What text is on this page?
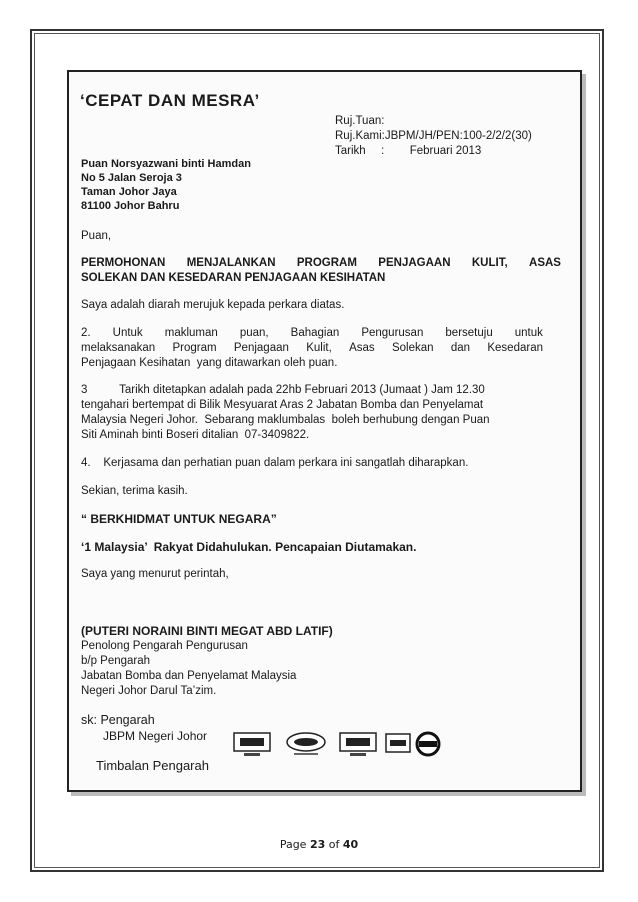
‘CEPAT DAN MESRA’
Ruj.Tuan:
Ruj.Kami:JBPM/JH/PEN:100-2/2/2(30)
Tarikh : Februari 2013
Puan Norsyazwani binti Hamdan
No 5 Jalan Seroja 3
Taman Johor Jaya
81100 Johor Bahru
Puan,
PERMOHONAN MENJALANKAN PROGRAM PENJAGAAN KULIT, ASAS
SOLEKAN DAN KESEDARAN PENJAGAAN KESIHATAN
Saya adalah diarah merujuk kepada perkara diatas.
2. Untuk makluman puan, Bahagian Pengurusan bersetuju untuk
melaksanakan Program Penjagaan Kulit, Asas Solekan dan Kesedaran
Penjagaan Kesihatan  yang ditawarkan oleh puan.
3          Tarikh ditetapkan adalah pada 22hb Februari 2013 (Jumaat ) Jam 12.30
tengahari bertempat di Bilik Mesyuarat Aras 2 Jabatan Bomba dan Penyelamat
Malaysia Negeri Johor.  Sebarang maklumbalas  boleh berhubung dengan Puan
Siti Aminah binti Boseri ditalian  07-3409822.
4.    Kerjasama dan perhatian puan dalam perkara ini sangatlah diharapkan.
Sekian, terima kasih.
“ BERKHIDMAT UNTUK NEGARA”
‘1 Malaysia’  Rakyat Didahulukan. Pencapaian Diutamakan.
Saya yang menurut perintah,
(PUTERI NORAINI BINTI MEGAT ABD LATIF)
Penolong Pengarah Pengurusan
b/p Pengarah
Jabatan Bomba dan Penyelamat Malaysia
Negeri Johor Darul Ta’zim.
sk: Pengarah
JBPM Negeri Johor
Timbalan Pengarah
Page 23 of 40
